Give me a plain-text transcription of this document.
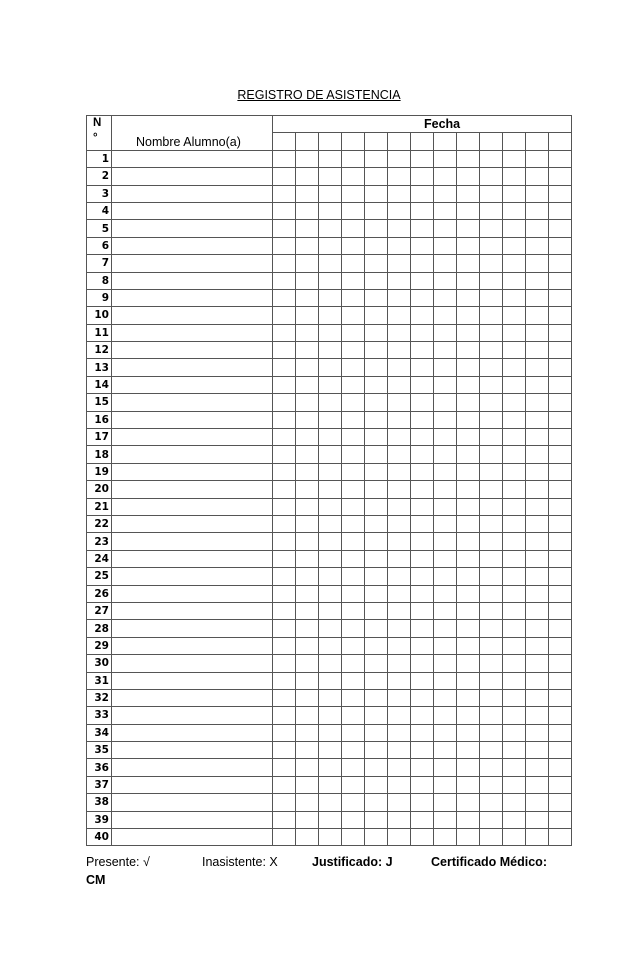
REGISTRO DE ASISTENCIA
N
°	Nombre Alumno(a)	Fecha												

1														
2														
3														
4														
5														
6														
7														
8														
9														
10														
11														
12														
13														
14														
15														
16														
17														
18														
19														
20														
21														
22														
23														
24														
25														
26														
27														
28														
29														
30														
31														
32														
33														
34														
35														
36														
37														
38														
39														
40														
Presente: √	Inasistente: X	Justificado: J	Certificado Médico:
CM
